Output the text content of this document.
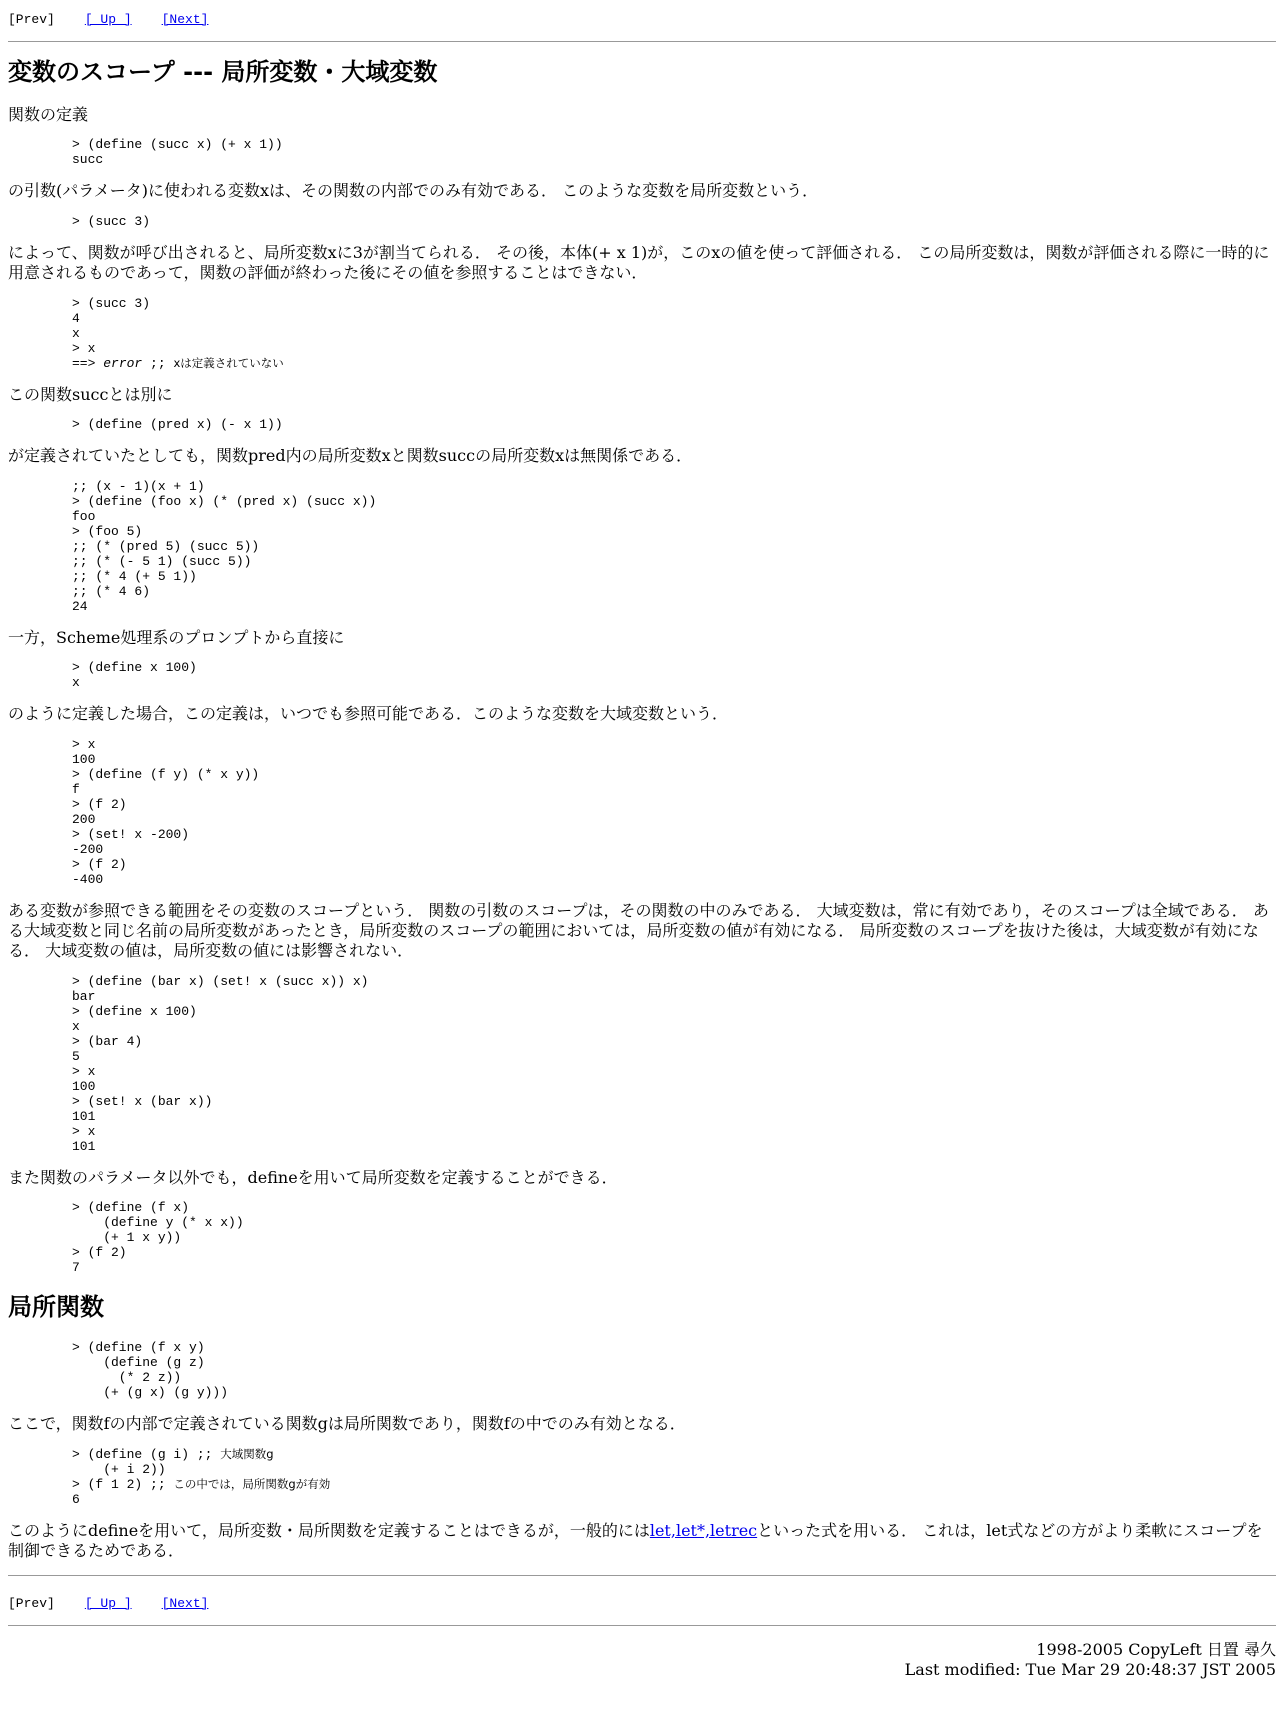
[Prev] [ Up ] [Next]
変数のスコープ --- 局所変数・大域変数

関数の定義

> (define (succ x) (+ x 1))
succ

の引数(パラメータ)に使われる変数xは、その関数の内部でのみ有効である． このような変数を局所変数という．

> (succ 3)

によって、関数が呼び出されると、局所変数xに3が割当てられる． その後，本体(+ x 1)が，このxの値を使って評価される． この局所変数は，関数が評価される際に一時的に用意されるものであって，関数の評価が終わった後にその値を参照することはできない．

> (succ 3)
4
x
> x
==> error ;; xは定義されていない

この関数succとは別に

> (define (pred x) (- x 1))

が定義されていたとしても，関数pred内の局所変数xと関数succの局所変数xは無関係である．

;; (x - 1)(x + 1)
> (define (foo x) (* (pred x) (succ x))
foo
> (foo 5)
;; (* (pred 5) (succ 5))
;; (* (- 5 1) (succ 5))
;; (* 4 (+ 5 1))
;; (* 4 6)
24

一方，Scheme処理系のプロンプトから直接に

> (define x 100)
x

のように定義した場合，この定義は，いつでも参照可能である．このような変数を大域変数という．

> x
100
> (define (f y) (* x y))
f
> (f 2)
200
> (set! x -200)
-200
> (f 2)
-400

ある変数が参照できる範囲をその変数のスコープという． 関数の引数のスコープは，その関数の中のみである． 大域変数は，常に有効であり，そのスコープは全域である． ある大域変数と同じ名前の局所変数があったとき，局所変数のスコープの範囲においては，局所変数の値が有効になる． 局所変数のスコープを抜けた後は，大域変数が有効になる． 大域変数の値は，局所変数の値には影響されない．

> (define (bar x) (set! x (succ x)) x)
bar
> (define x 100)
x
> (bar 4)
5
> x
100
> (set! x (bar x))
101
> x
101

また関数のパラメータ以外でも，defineを用いて局所変数を定義することができる．

> (define (f x)
(define y (* x x))
(+ 1 x y))
> (f 2)
7
局所関数
> (define (f x y)
(define (g z)
(* 2 z))
(+ (g x) (g y)))

ここで，関数fの内部で定義されている関数gは局所関数であり，関数fの中でのみ有効となる．

> (define (g i) ;; 大域関数g
(+ i 2))
> (f 1 2) ;; この中では，局所関数gが有効
6

このようにdefineを用いて，局所変数・局所関数を定義することはできるが，一般的にはlet,let*,letrecといった式を用いる． これは，let式などの方がより柔軟にスコープを制御できるためである．

[Prev] [ Up ] [Next]
1998-2005 CopyLeft 日置 尋久
Last modified: Tue Mar 29 20:48:37 JST 2005
